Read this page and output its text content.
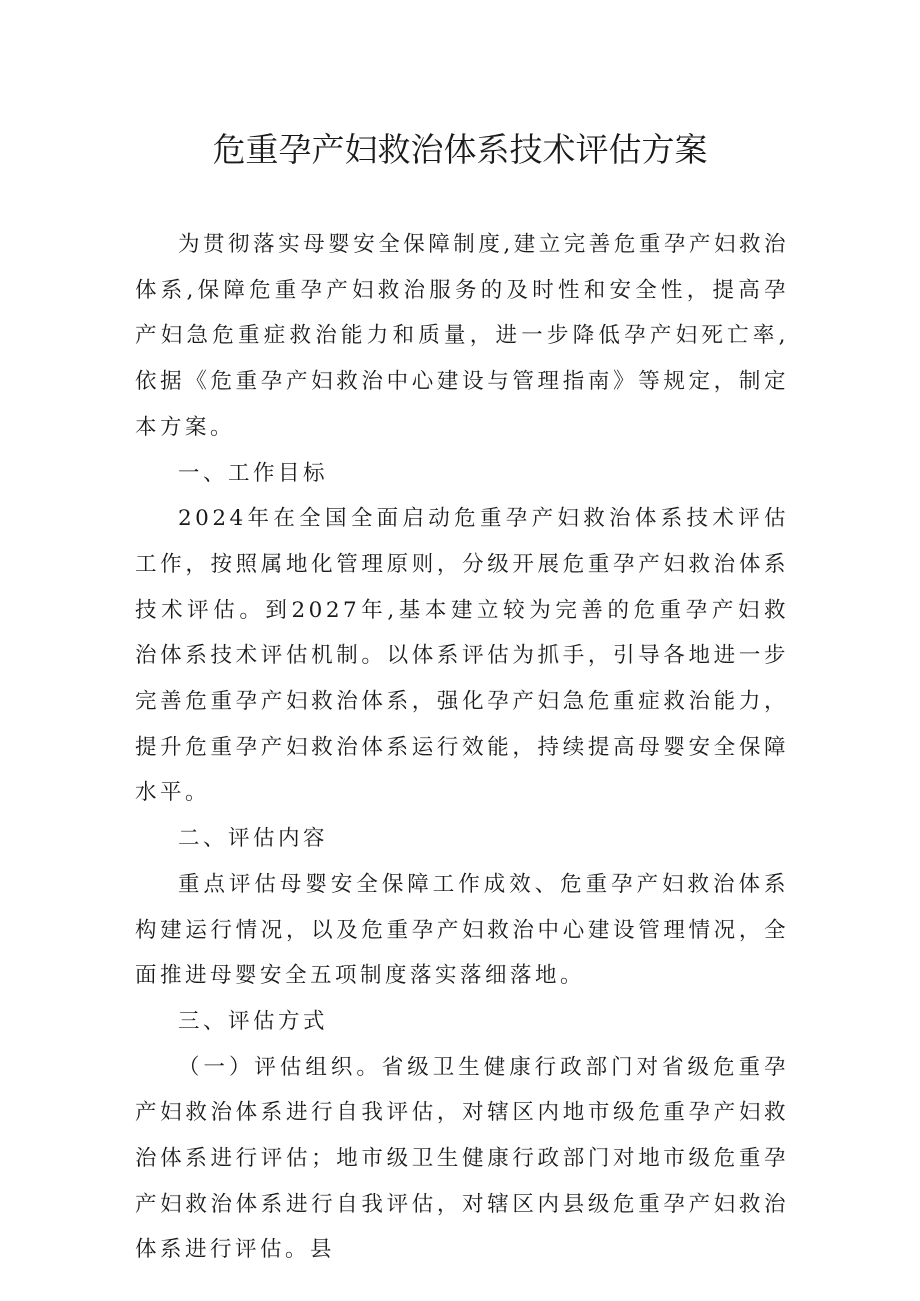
危重孕产妇救治体系技术评估方案

为贯彻落实母婴安全保障制度,建立完善危重孕产妇救治体系,保障危重孕产妇救治服务的及时性和安全性，提高孕产妇急危重症救治能力和质量，进一步降低孕产妇死亡率,依据《危重孕产妇救治中心建设与管理指南》等规定，制定本方案。

一、工作目标

2024年在全国全面启动危重孕产妇救治体系技术评估工作，按照属地化管理原则，分级开展危重孕产妇救治体系技术评估。到2027年,基本建立较为完善的危重孕产妇救治体系技术评估机制。以体系评估为抓手，引导各地进一步完善危重孕产妇救治体系，强化孕产妇急危重症救治能力，提升危重孕产妇救治体系运行效能，持续提高母婴安全保障水平。

二、评估内容

重点评估母婴安全保障工作成效、危重孕产妇救治体系构建运行情况，以及危重孕产妇救治中心建设管理情况，全面推进母婴安全五项制度落实落细落地。

三、评估方式

（一）评估组织。省级卫生健康行政部门对省级危重孕产妇救治体系进行自我评估，对辖区内地市级危重孕产妇救治体系进行评估；地市级卫生健康行政部门对地市级危重孕产妇救治体系进行自我评估，对辖区内县级危重孕产妇救治体系进行评估。县
